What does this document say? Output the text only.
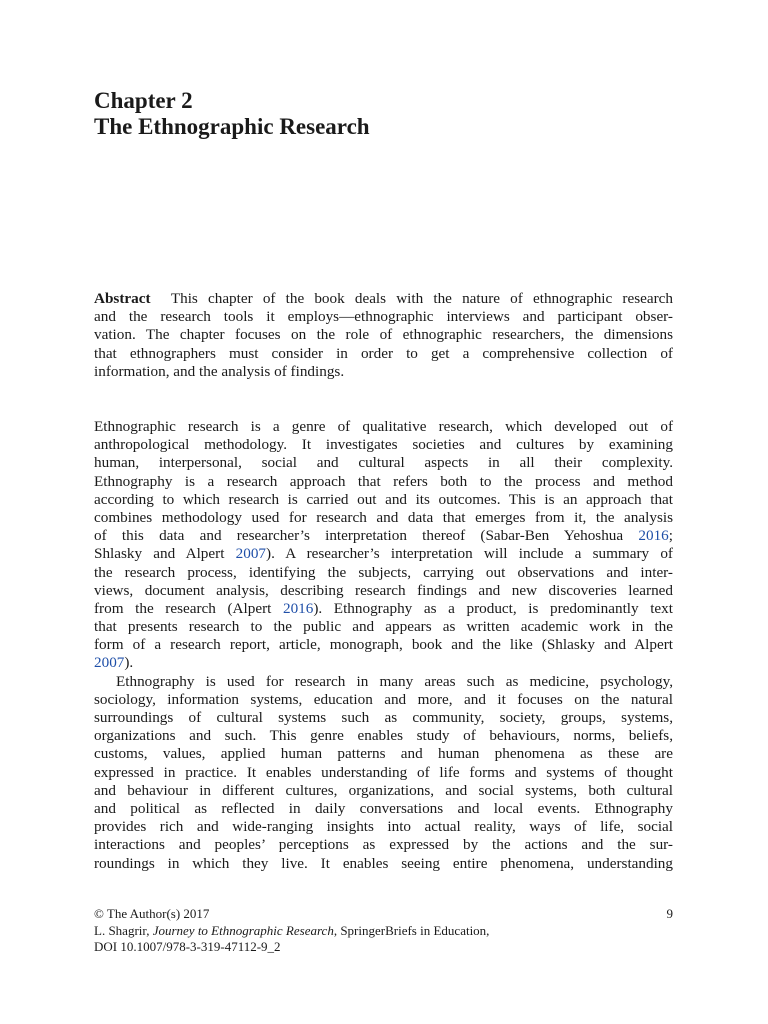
Chapter 2
The Ethnographic Research
Abstract This chapter of the book deals with the nature of ethnographic research
and the research tools it employs—ethnographic interviews and participant obser-
vation. The chapter focuses on the role of ethnographic researchers, the dimensions
that ethnographers must consider in order to get a comprehensive collection of
information, and the analysis of findings.
Ethnographic research is a genre of qualitative research, which developed out of
anthropological methodology. It investigates societies and cultures by examining
human, interpersonal, social and cultural aspects in all their complexity.
Ethnography is a research approach that refers both to the process and method
according to which research is carried out and its outcomes. This is an approach that
combines methodology used for research and data that emerges from it, the analysis
of this data and researcher’s interpretation thereof (Sabar-Ben Yehoshua 2016;
Shlasky and Alpert 2007). A researcher’s interpretation will include a summary of
the research process, identifying the subjects, carrying out observations and inter-
views, document analysis, describing research findings and new discoveries learned
from the research (Alpert 2016). Ethnography as a product, is predominantly text
that presents research to the public and appears as written academic work in the
form of a research report, article, monograph, book and the like (Shlasky and Alpert
2007).
Ethnography is used for research in many areas such as medicine, psychology,
sociology, information systems, education and more, and it focuses on the natural
surroundings of cultural systems such as community, society, groups, systems,
organizations and such. This genre enables study of behaviours, norms, beliefs,
customs, values, applied human patterns and human phenomena as these are
expressed in practice. It enables understanding of life forms and systems of thought
and behaviour in different cultures, organizations, and social systems, both cultural
and political as reflected in daily conversations and local events. Ethnography
provides rich and wide-ranging insights into actual reality, ways of life, social
interactions and peoples’ perceptions as expressed by the actions and the sur-
roundings in which they live. It enables seeing entire phenomena, understanding
9
© The Author(s) 2017
L. Shagrir, Journey to Ethnographic Research, SpringerBriefs in Education,
DOI 10.1007/978-3-319-47112-9_2
